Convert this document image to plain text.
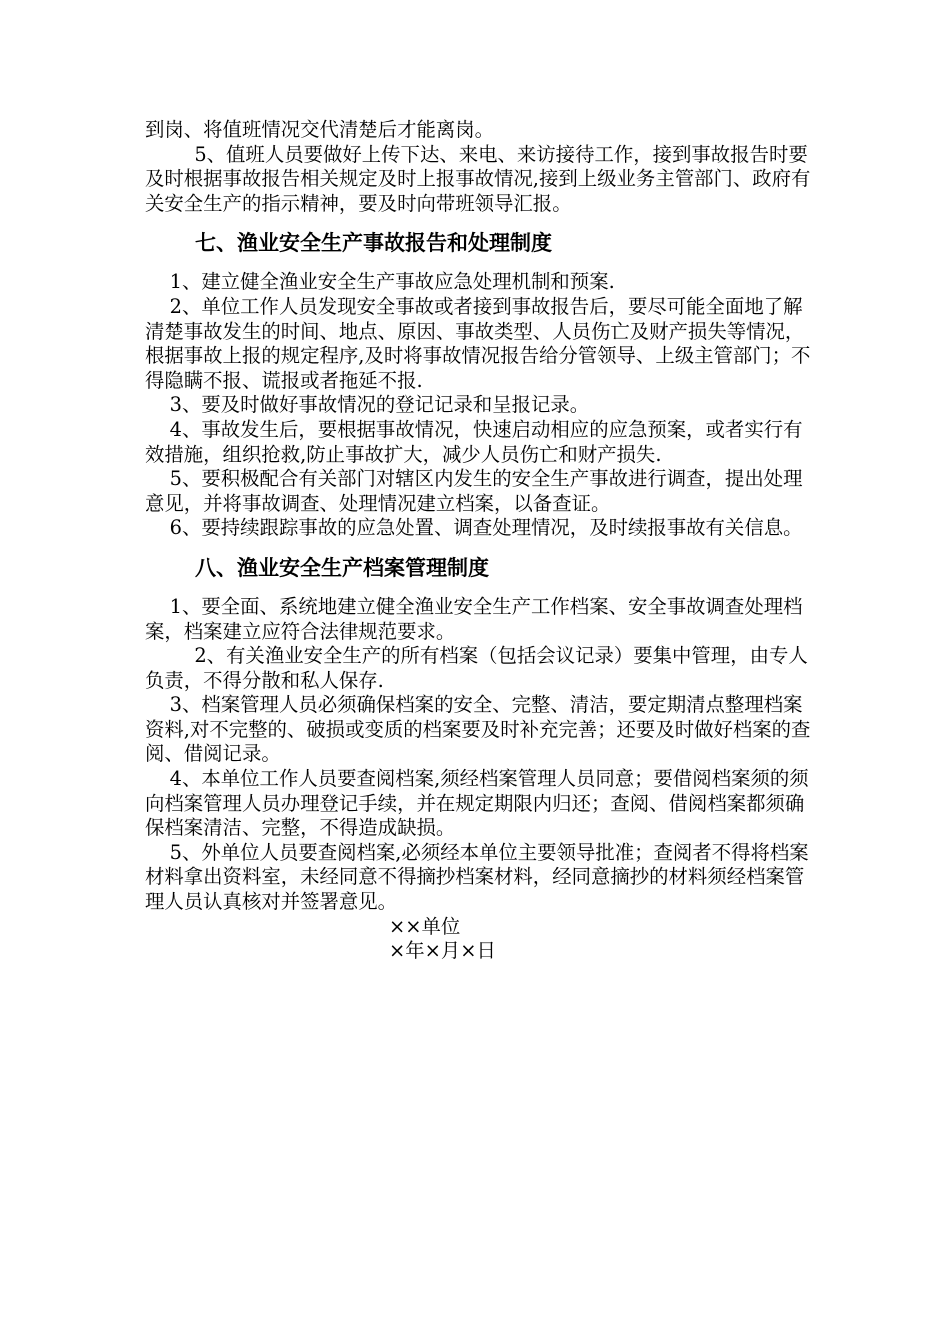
到岗、将值班情况交代清楚后才能离岗。

5、值班人员要做好上传下达、来电、来访接待工作，接到事故报告时要及时根据事故报告相关规定及时上报事故情况,接到上级业务主管部门、政府有关安全生产的指示精神，要及时向带班领导汇报。

七、渔业安全生产事故报告和处理制度

1、建立健全渔业安全生产事故应急处理机制和预案.

2、单位工作人员发现安全事故或者接到事故报告后，要尽可能全面地了解清楚事故发生的时间、地点、原因、事故类型、人员伤亡及财产损失等情况，根据事故上报的规定程序,及时将事故情况报告给分管领导、上级主管部门；不得隐瞒不报、谎报或者拖延不报.

3、要及时做好事故情况的登记记录和呈报记录。

4、事故发生后，要根据事故情况，快速启动相应的应急预案，或者实行有效措施，组织抢救,防止事故扩大，减少人员伤亡和财产损失.

5、要积极配合有关部门对辖区内发生的安全生产事故进行调查，提出处理意见，并将事故调查、处理情况建立档案，以备查证。

6、要持续跟踪事故的应急处置、调查处理情况，及时续报事故有关信息。

八、渔业安全生产档案管理制度

1、要全面、系统地建立健全渔业安全生产工作档案、安全事故调查处理档案，档案建立应符合法律规范要求。

2、有关渔业安全生产的所有档案（包括会议记录）要集中管理，由专人负责，不得分散和私人保存.

3、档案管理人员必须确保档案的安全、完整、清洁，要定期清点整理档案资料,对不完整的、破损或变质的档案要及时补充完善；还要及时做好档案的查阅、借阅记录。

4、本单位工作人员要查阅档案,须经档案管理人员同意；要借阅档案须的须向档案管理人员办理登记手续，并在规定期限内归还；查阅、借阅档案都须确保档案清洁、完整，不得造成缺损。

5、外单位人员要查阅档案,必须经本单位主要领导批准；查阅者不得将档案材料拿出资料室，未经同意不得摘抄档案材料，经同意摘抄的材料须经档案管理人员认真核对并签署意见。

××单位

×年×月×日
